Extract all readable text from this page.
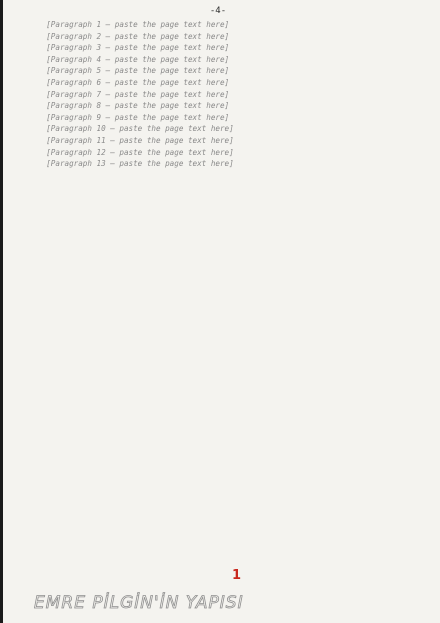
-4-

[Paragraph 1 — paste the page text here]

[Paragraph 2 — paste the page text here]

[Paragraph 3 — paste the page text here]

[Paragraph 4 — paste the page text here]

[Paragraph 5 — paste the page text here]

[Paragraph 6 — paste the page text here]

[Paragraph 7 — paste the page text here]

[Paragraph 8 — paste the page text here]

[Paragraph 9 — paste the page text here]

[Paragraph 10 — paste the page text here]

[Paragraph 11 — paste the page text here]

[Paragraph 12 — paste the page text here]

[Paragraph 13 — paste the page text here]

1
EMRE PİLGİN'İN YAPISI
